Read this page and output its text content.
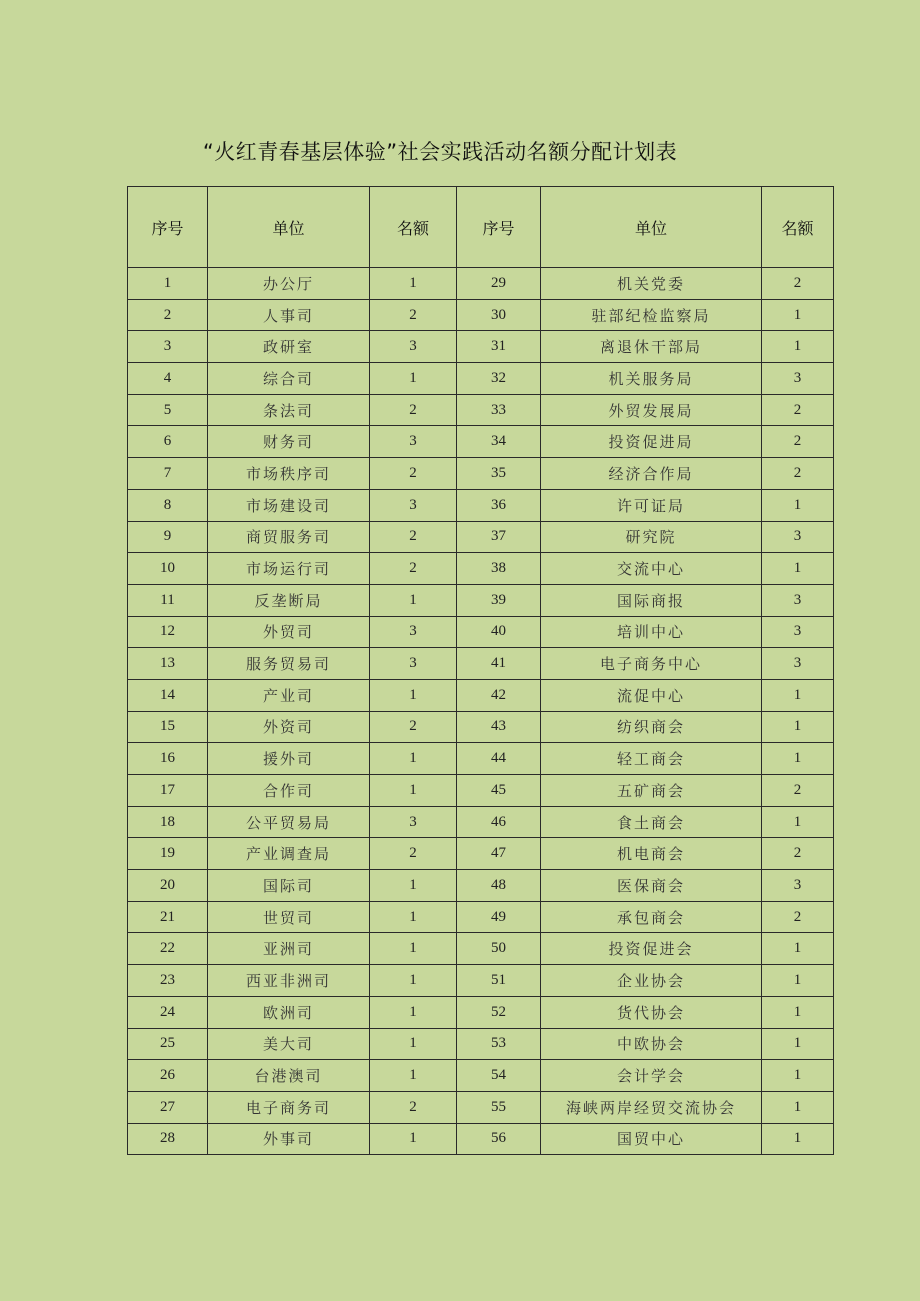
“火红青春基层体验”社会实践活动名额分配计划表
序号	单位	名额	序号	单位	名额
1	办公厅	1	29	机关党委	2
2	人事司	2	30	驻部纪检监察局	1
3	政研室	3	31	离退休干部局	1
4	综合司	1	32	机关服务局	3
5	条法司	2	33	外贸发展局	2
6	财务司	3	34	投资促进局	2
7	市场秩序司	2	35	经济合作局	2
8	市场建设司	3	36	许可证局	1
9	商贸服务司	2	37	研究院	3
10	市场运行司	2	38	交流中心	1
11	反垄断局	1	39	国际商报	3
12	外贸司	3	40	培训中心	3
13	服务贸易司	3	41	电子商务中心	3
14	产业司	1	42	流促中心	1
15	外资司	2	43	纺织商会	1
16	援外司	1	44	轻工商会	1
17	合作司	1	45	五矿商会	2
18	公平贸易局	3	46	食土商会	1
19	产业调查局	2	47	机电商会	2
20	国际司	1	48	医保商会	3
21	世贸司	1	49	承包商会	2
22	亚洲司	1	50	投资促进会	1
23	西亚非洲司	1	51	企业协会	1
24	欧洲司	1	52	货代协会	1
25	美大司	1	53	中欧协会	1
26	台港澳司	1	54	会计学会	1
27	电子商务司	2	55	海峡两岸经贸交流协会	1
28	外事司	1	56	国贸中心	1
